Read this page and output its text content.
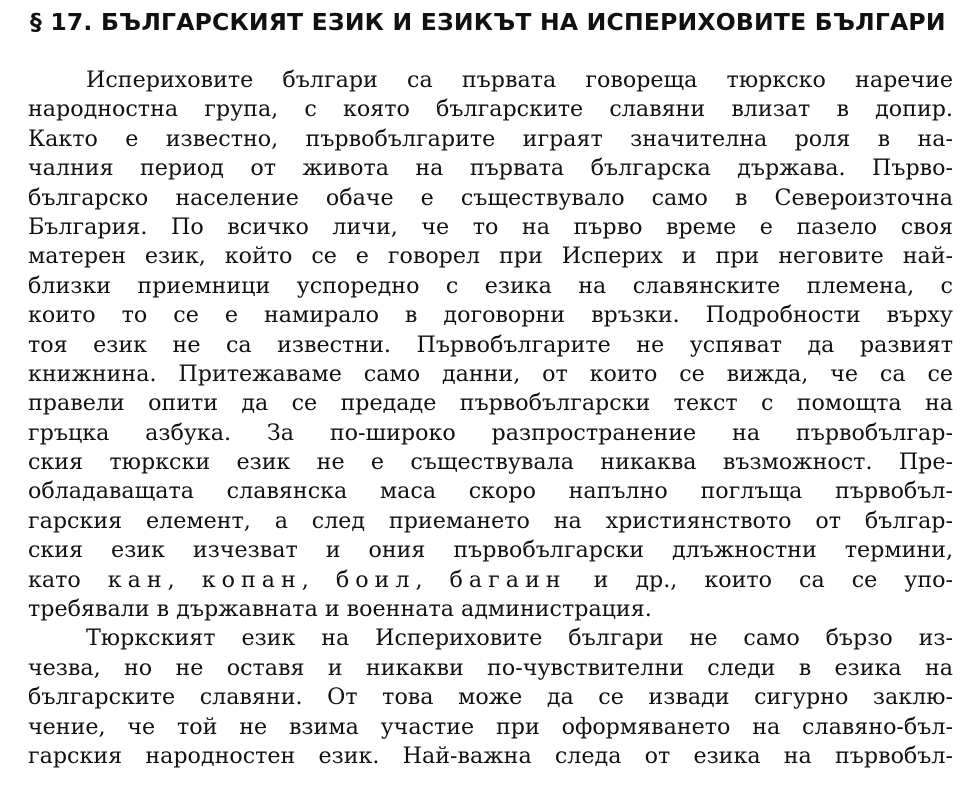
§ 17. БЪЛГАРСКИЯТ ЕЗИК И ЕЗИКЪТ НА ИСПЕРИХОВИТЕ БЪЛГАРИ
Испериховите българи са първата говореща тюркско наречие
народностна група, с която българските славяни влизат в допир.
Както е известно, първобългарите играят значителна роля в на-
чалния период от живота на първата българска държава. Първо-
българско население обаче е съществувало само в Североизточна
България. По всичко личи, че то на първо време е пазело своя
матерен език, който се е говорел при Исперих и при неговите най-
близки приемници успоредно с езика на славянските племена, с
които то се е намирало в договорни връзки. Подробности върху
тоя език не са известни. Първобългарите не успяват да развият
книжнина. Притежаваме само данни, от които се вижда, че са се
правели опити да се предаде първобългарски текст с помощта на
гръцка азбука. За по-широко разпространение на първобългар-
ския тюркски език не е съществувала никаква възможност. Пре-
обладаващата славянска маса скоро напълно поглъща първобъл-
гарския елемент, а след приемането на християнството от българ-
ския език изчезват и ония първобългарски длъжностни термини,
като кан, копан, боил, багаин и др., които са се упо-
требявали в държавната и военната администрация.
Тюркският език на Испериховите българи не само бързо из-
чезва, но не оставя и никакви по-чувствителни следи в езика на
българските славяни. От това може да се извади сигурно заклю-
чение, че той не взима участие при оформяването на славяно-бъл-
гарския народностен език. Най-важна следа от езика на първобъл-
